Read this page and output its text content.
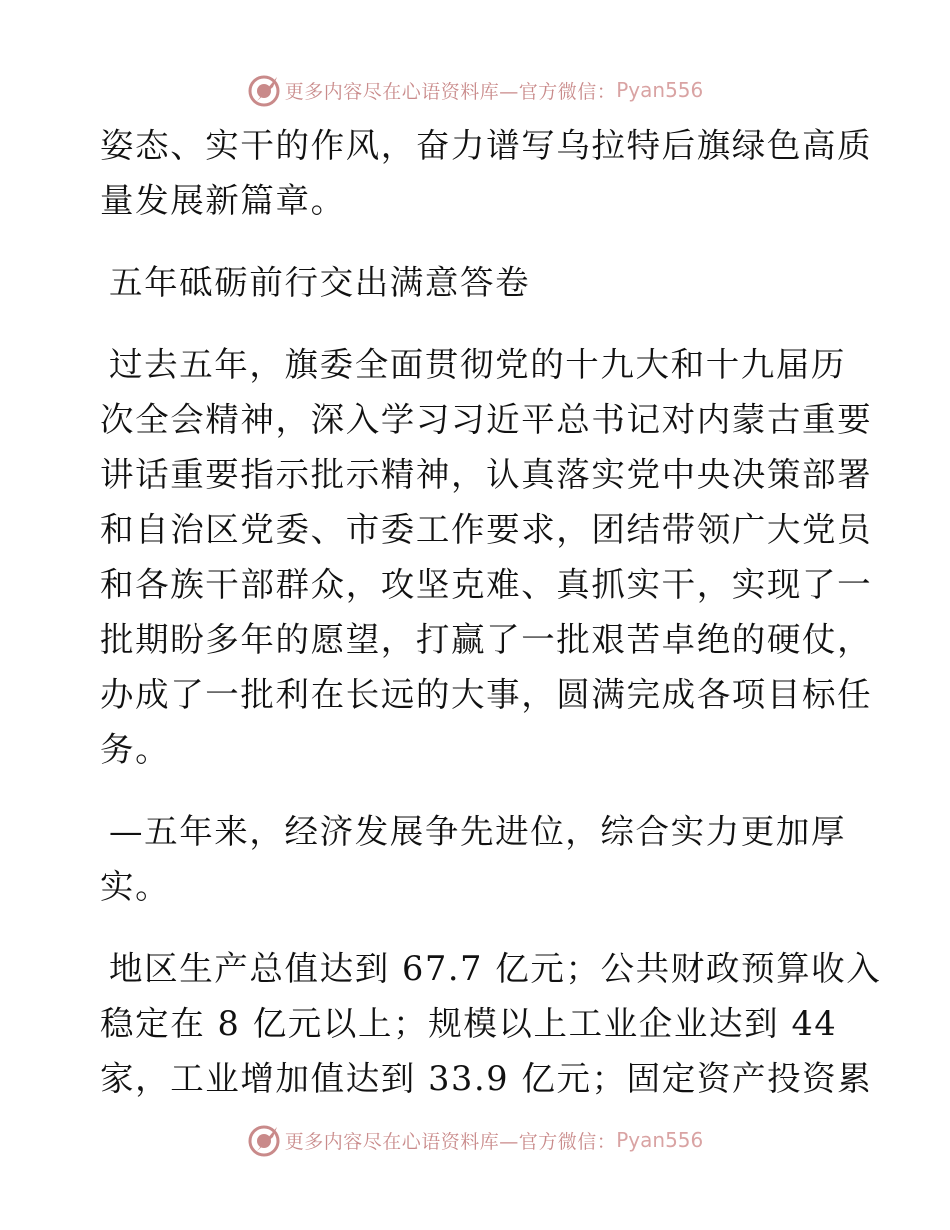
更多内容尽在心语资料库—官方微信： Pyan556
姿态、实干的作风，奋力谱写乌拉特后旗绿色高质
量发展新篇章。
五年砥砺前行交出满意答卷
过去五年，旗委全面贯彻党的十九大和十九届历
次全会精神，深入学习习近平总书记对内蒙古重要
讲话重要指示批示精神，认真落实党中央决策部署
和自治区党委、市委工作要求，团结带领广大党员
和各族干部群众，攻坚克难、真抓实干，实现了一
批期盼多年的愿望，打赢了一批艰苦卓绝的硬仗，
办成了一批利在长远的大事，圆满完成各项目标任
务。
—五年来，经济发展争先进位，综合实力更加厚
实。
地区生产总值达到 67.7 亿元；公共财政预算收入
稳定在 8 亿元以上；规模以上工业企业达到 44
家，工业增加值达到 33.9 亿元；固定资产投资累
更多内容尽在心语资料库—官方微信： Pyan556
